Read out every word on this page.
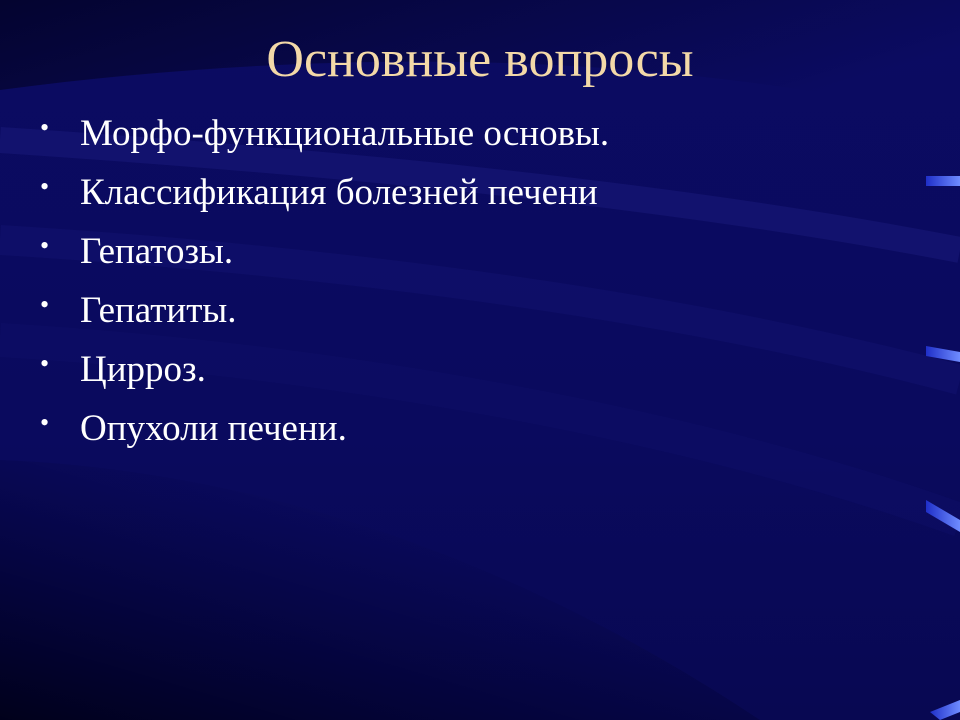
Основные вопросы
• Морфо-функциональные основы.
• Классификация болезней печени
• Гепатозы.
• Гепатиты.
• Цирроз.
• Опухоли печени.
